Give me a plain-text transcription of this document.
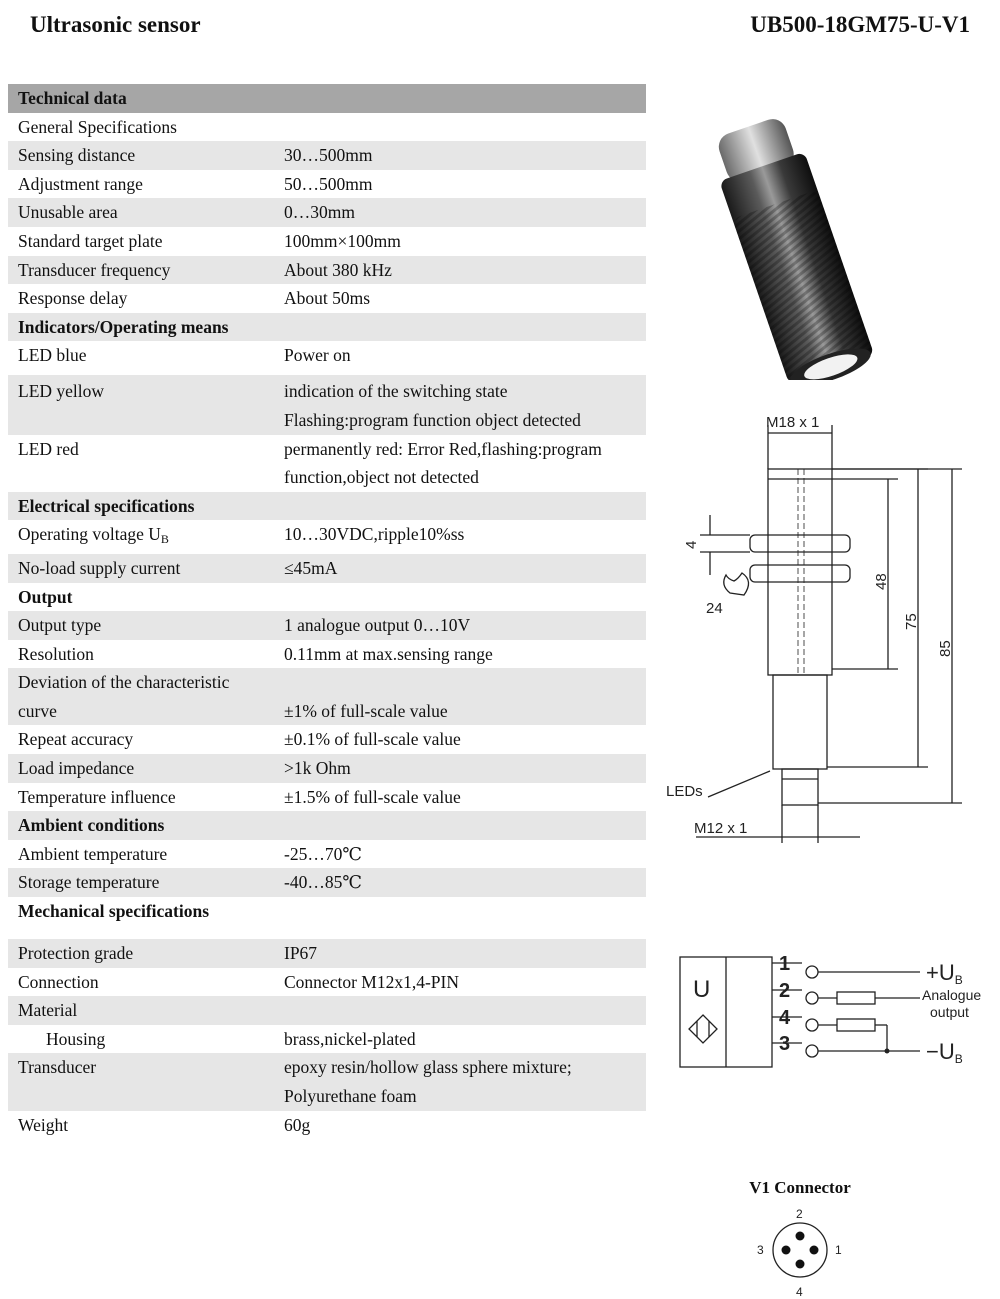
Ultrasonic sensor	UB500-18GM75-U-V1
Technical data	
General Specifications	
Sensing distance	30…500mm
Adjustment range	50…500mm
Unusable area	0…30mm
Standard target plate	100mm×100mm
Transducer frequency	About 380 kHz
Response delay	About 50ms
Indicators/Operating means	
LED blue	Power on
LED yellow	indication of the switching state
Flashing:program function object detected

LED red	permanently red: Error Red,flashing:program
function,object not detected

Electrical specifications	
Operating voltage $U_B$	10…30VDC,ripple10%ss
No-load supply current	≤45mA
Output	
Output type	1 analogue output 0…10V
Resolution	0.11mm at max.sensing range

Deviation of the characteristic
curve	±1% of full-scale value
Repeat accuracy	±0.1% of full-scale value
Load impedance	>1k Ohm
Temperature influence	±1.5% of full-scale value
Ambient conditions	
Ambient temperature	-25…70℃
Storage temperature	-40…85℃
Mechanical specifications	
Protection grade	IP67
Connection	Connector M12x1,4-PIN
Material	
Housing	brass,nickel-plated
Transducer	epoxy resin/hollow glass sphere mixture;
Polyurethane foam

Weight	60g
M18 x 1
4
24
48
75
85
LEDs
M12 x 1
U
1
2
4
3
+UB
Analogue
output
−UB
V1 Connector
2
3	1
4
